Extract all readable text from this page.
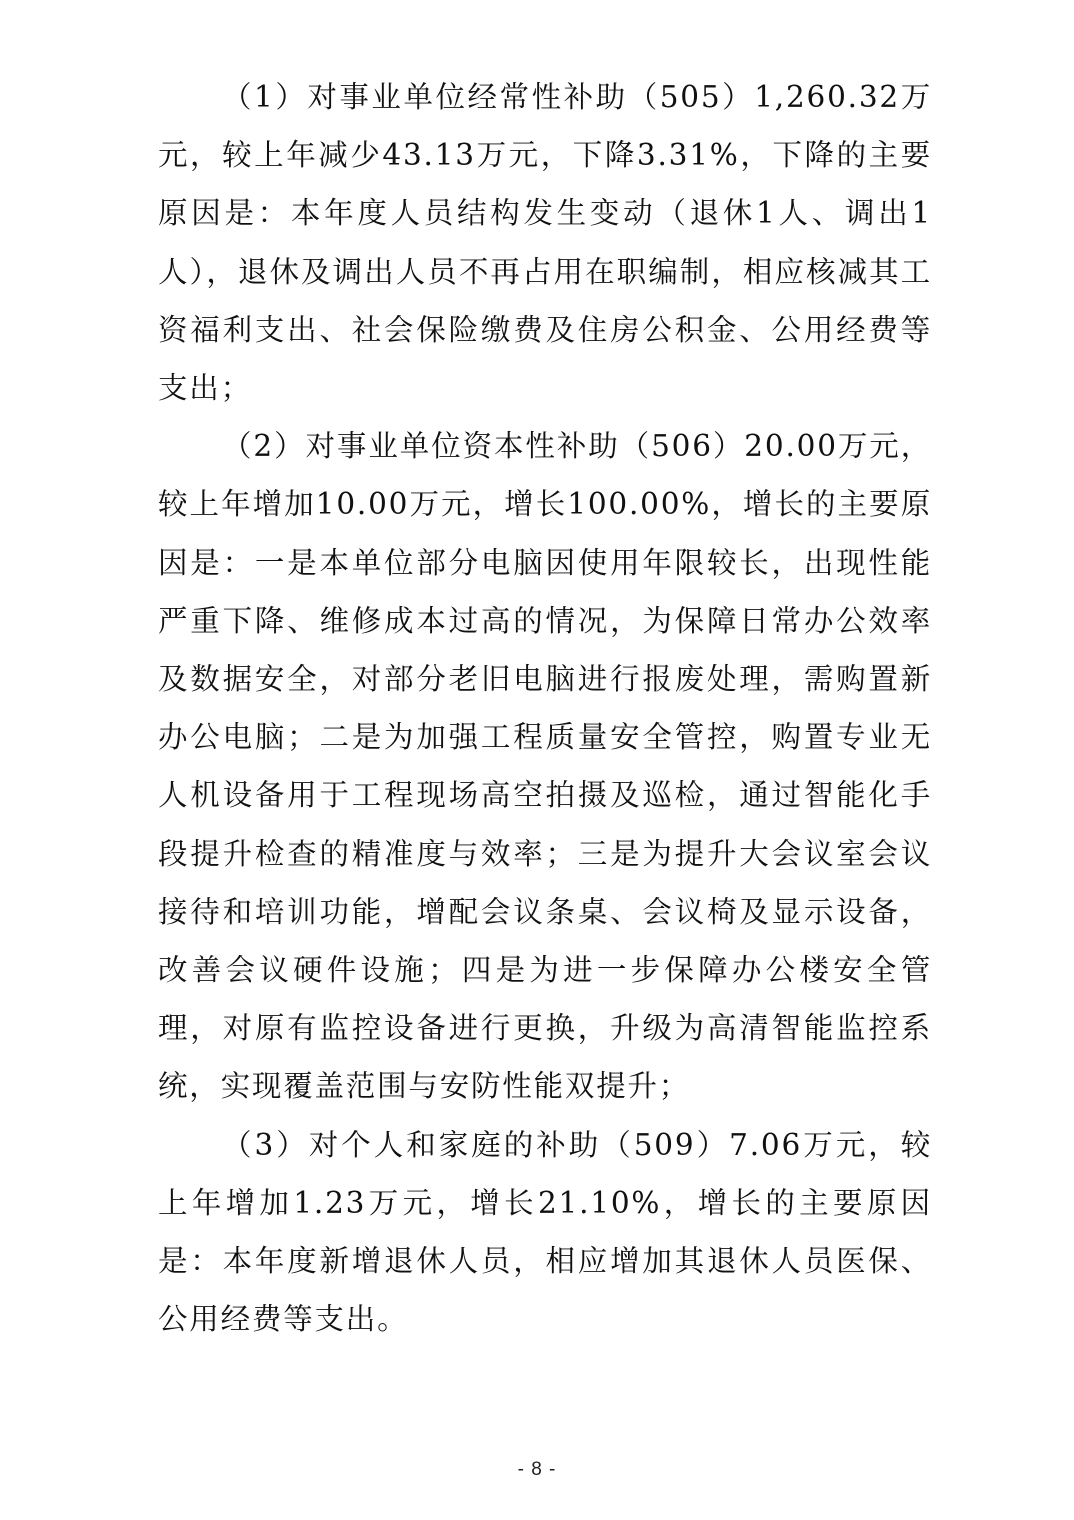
（1）对事业单位经常性补助（505）1,260.32万元，较上年减少43.13万元，下降3.31%，下降的主要原因是：本年度人员结构发生变动（退休1人、调出1人），退休及调出人员不再占用在职编制，相应核减其工资福利支出、社会保险缴费及住房公积金、公用经费等支出；

（2）对事业单位资本性补助（506）20.00万元，较上年增加10.00万元，增长100.00%，增长的主要原因是：一是本单位部分电脑因使用年限较长，出现性能严重下降、维修成本过高的情况，为保障日常办公效率及数据安全，对部分老旧电脑进行报废处理，需购置新办公电脑；二是为加强工程质量安全管控，购置专业无人机设备用于工程现场高空拍摄及巡检，通过智能化手段提升检查的精准度与效率；三是为提升大会议室会议接待和培训功能，增配会议条桌、会议椅及显示设备，改善会议硬件设施；四是为进一步保障办公楼安全管理，对原有监控设备进行更换，升级为高清智能监控系统，实现覆盖范围与安防性能双提升；

（3）对个人和家庭的补助（509）7.06万元，较上年增加1.23万元，增长21.10%，增长的主要原因是：本年度新增退休人员，相应增加其退休人员医保、公用经费等支出。

- 8 -
